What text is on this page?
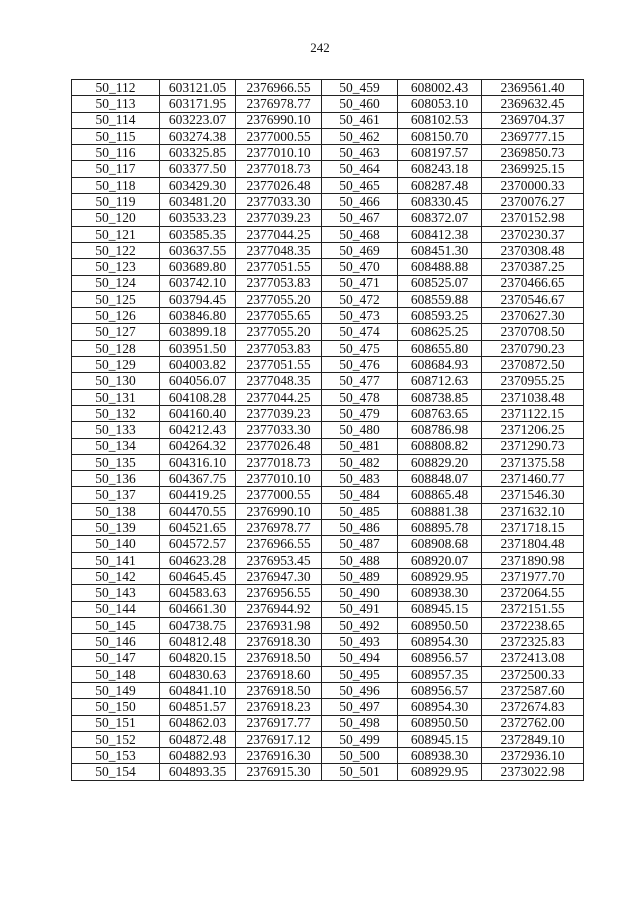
242
50_112	603121.05	2376966.55	50_459	608002.43	2369561.40
50_113	603171.95	2376978.77	50_460	608053.10	2369632.45
50_114	603223.07	2376990.10	50_461	608102.53	2369704.37
50_115	603274.38	2377000.55	50_462	608150.70	2369777.15
50_116	603325.85	2377010.10	50_463	608197.57	2369850.73
50_117	603377.50	2377018.73	50_464	608243.18	2369925.15
50_118	603429.30	2377026.48	50_465	608287.48	2370000.33
50_119	603481.20	2377033.30	50_466	608330.45	2370076.27
50_120	603533.23	2377039.23	50_467	608372.07	2370152.98
50_121	603585.35	2377044.25	50_468	608412.38	2370230.37
50_122	603637.55	2377048.35	50_469	608451.30	2370308.48
50_123	603689.80	2377051.55	50_470	608488.88	2370387.25
50_124	603742.10	2377053.83	50_471	608525.07	2370466.65
50_125	603794.45	2377055.20	50_472	608559.88	2370546.67
50_126	603846.80	2377055.65	50_473	608593.25	2370627.30
50_127	603899.18	2377055.20	50_474	608625.25	2370708.50
50_128	603951.50	2377053.83	50_475	608655.80	2370790.23
50_129	604003.82	2377051.55	50_476	608684.93	2370872.50
50_130	604056.07	2377048.35	50_477	608712.63	2370955.25
50_131	604108.28	2377044.25	50_478	608738.85	2371038.48
50_132	604160.40	2377039.23	50_479	608763.65	2371122.15
50_133	604212.43	2377033.30	50_480	608786.98	2371206.25
50_134	604264.32	2377026.48	50_481	608808.82	2371290.73
50_135	604316.10	2377018.73	50_482	608829.20	2371375.58
50_136	604367.75	2377010.10	50_483	608848.07	2371460.77
50_137	604419.25	2377000.55	50_484	608865.48	2371546.30
50_138	604470.55	2376990.10	50_485	608881.38	2371632.10
50_139	604521.65	2376978.77	50_486	608895.78	2371718.15
50_140	604572.57	2376966.55	50_487	608908.68	2371804.48
50_141	604623.28	2376953.45	50_488	608920.07	2371890.98
50_142	604645.45	2376947.30	50_489	608929.95	2371977.70
50_143	604583.63	2376956.55	50_490	608938.30	2372064.55
50_144	604661.30	2376944.92	50_491	608945.15	2372151.55
50_145	604738.75	2376931.98	50_492	608950.50	2372238.65
50_146	604812.48	2376918.30	50_493	608954.30	2372325.83
50_147	604820.15	2376918.50	50_494	608956.57	2372413.08
50_148	604830.63	2376918.60	50_495	608957.35	2372500.33
50_149	604841.10	2376918.50	50_496	608956.57	2372587.60
50_150	604851.57	2376918.23	50_497	608954.30	2372674.83
50_151	604862.03	2376917.77	50_498	608950.50	2372762.00
50_152	604872.48	2376917.12	50_499	608945.15	2372849.10
50_153	604882.93	2376916.30	50_500	608938.30	2372936.10
50_154	604893.35	2376915.30	50_501	608929.95	2373022.98
